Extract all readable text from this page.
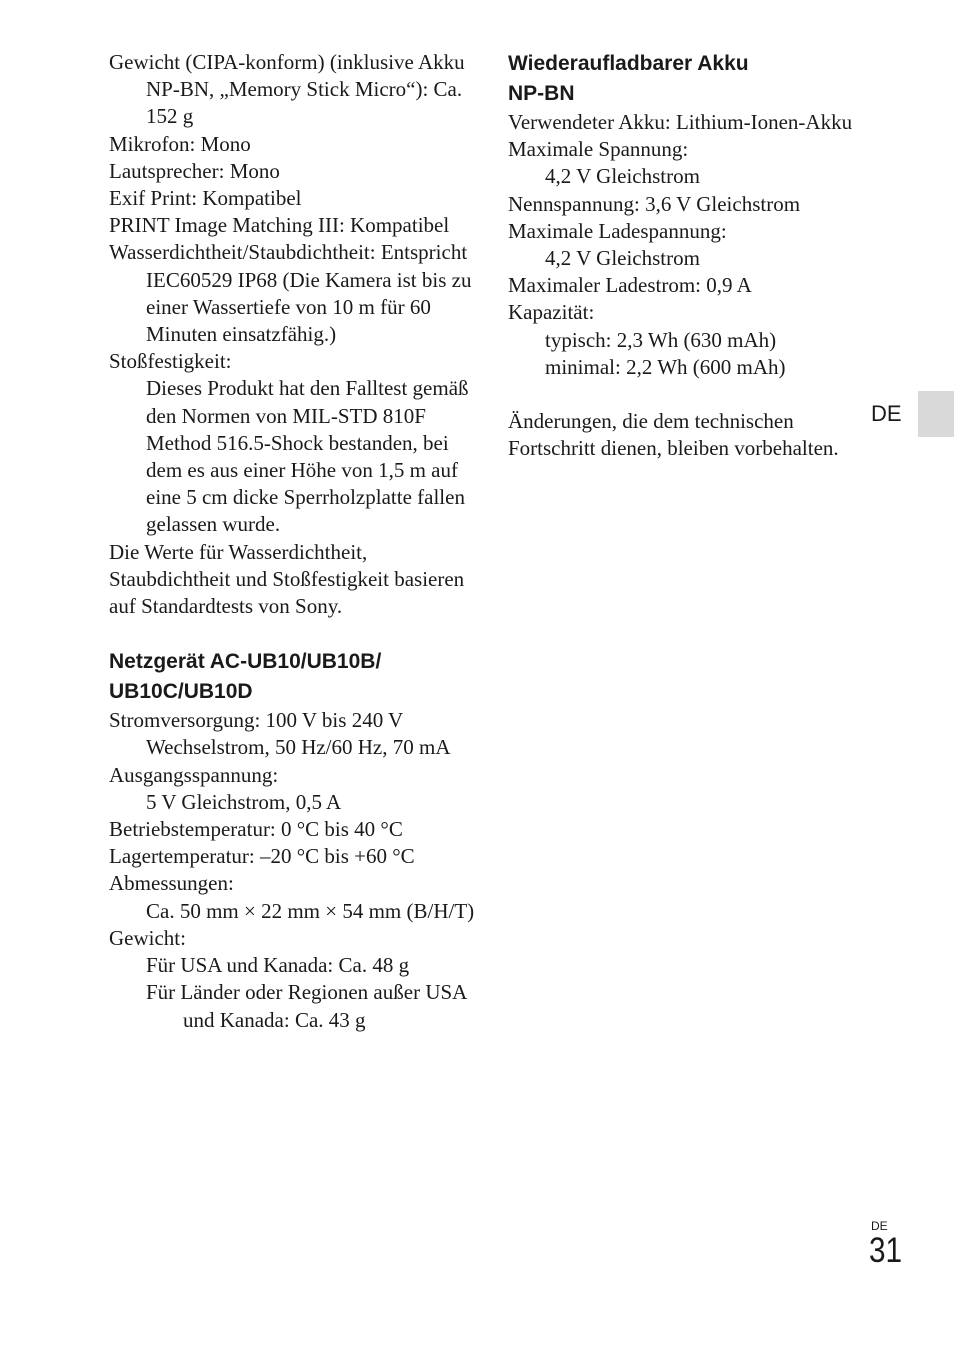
Gewicht (CIPA-konform) (inklusive Akku NP-BN, „Memory Stick Micro“): Ca. 152 g

Mikrofon: Mono

Lautsprecher: Mono

Exif Print: Kompatibel

PRINT Image Matching III: Kompatibel

Wasserdichtheit/Staubdichtheit: Entspricht IEC60529 IP68 (Die Kamera ist bis zu einer Wassertiefe von 10 m für 60 Minuten einsatzfähig.)

Stoßfestigkeit:

Dieses Produkt hat den Falltest gemäß den Normen von MIL-STD 810F Method 516.5-Shock bestanden, bei dem es aus einer Höhe von 1,5 m auf eine 5 cm dicke Sperrholzplatte fallen gelassen wurde.

Die Werte für Wasserdichtheit, Staubdichtheit und Stoßfestigkeit basieren auf Standardtests von Sony.

Netzgerät AC-UB10/UB10B/
UB10C/UB10D

Stromversorgung: 100 V bis 240 V Wechselstrom, 50 Hz/60 Hz, 70 mA

Ausgangsspannung:

5 V Gleichstrom, 0,5 A

Betriebstemperatur: 0 °C bis 40 °C

Lagertemperatur: –20 °C bis +60 °C

Abmessungen:

Ca. 50 mm × 22 mm × 54 mm (B/H/T)

Gewicht:

Für USA und Kanada: Ca. 48 g

Für Länder oder Regionen außer USA und Kanada: Ca. 43 g

Wiederaufladbarer Akku
NP-BN

Verwendeter Akku: Lithium-Ionen-Akku

Maximale Spannung:

4,2 V Gleichstrom

Nennspannung: 3,6 V Gleichstrom

Maximale Ladespannung:

4,2 V Gleichstrom

Maximaler Ladestrom: 0,9 A

Kapazität:

typisch: 2,3 Wh (630 mAh)

minimal: 2,2 Wh (600 mAh)

Änderungen, die dem technischen Fortschritt dienen, bleiben vorbehalten.

DE
DE
31
